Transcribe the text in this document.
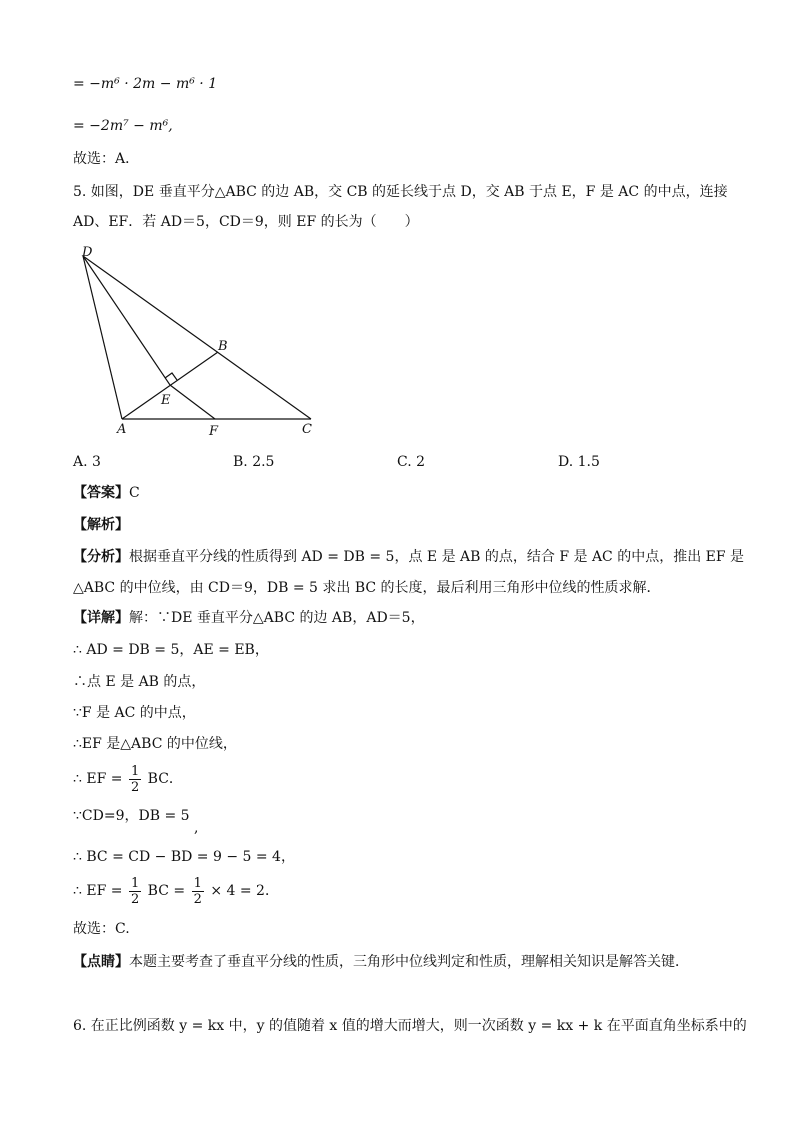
= −m⁶ · 2m − m⁶ · 1
= −2m⁷ − m⁶,
故选：A．
5. 如图，DE 垂直平分△ABC 的边 AB，交 CB 的延长线于点 D，交 AB 于点 E，F 是 AC 的中点，连接
AD、EF．若 AD＝5，CD＝9，则 EF 的长为（　　）
D
B
E
A	F	C
A. 3	B. 2.5	C. 2	D. 1.5
【答案】C
【解析】
【分析】根据垂直平分线的性质得到 AD = DB = 5，点 E 是 AB 的点，结合 F 是 AC 的中点，推出 EF 是
△ABC 的中位线，由 CD＝9，DB = 5 求出 BC 的长度，最后利用三角形中位线的性质求解．
【详解】解：∵DE 垂直平分△ABC 的边 AB，AD＝5，
∴ AD = DB = 5，AE = EB，
∴点 E 是 AB 的点，
∵F 是 AC 的中点，
∴EF 是△ABC 的中位线，
∴ EF = $\frac{1}{2}$ BC．
∵CD=9，DB = 5 ,
∴ BC = CD − BD = 9 − 5 = 4，
∴ EF = $\frac{1}{2}$ BC = $\frac{1}{2} \times 4 = 2$．
故选：C.
【点睛】本题主要考查了垂直平分线的性质，三角形中位线判定和性质，理解相关知识是解答关键．
6. 在正比例函数 y = kx 中，y 的值随着 x 值的增大而增大，则一次函数 y = kx + k 在平面直角坐标系中的
